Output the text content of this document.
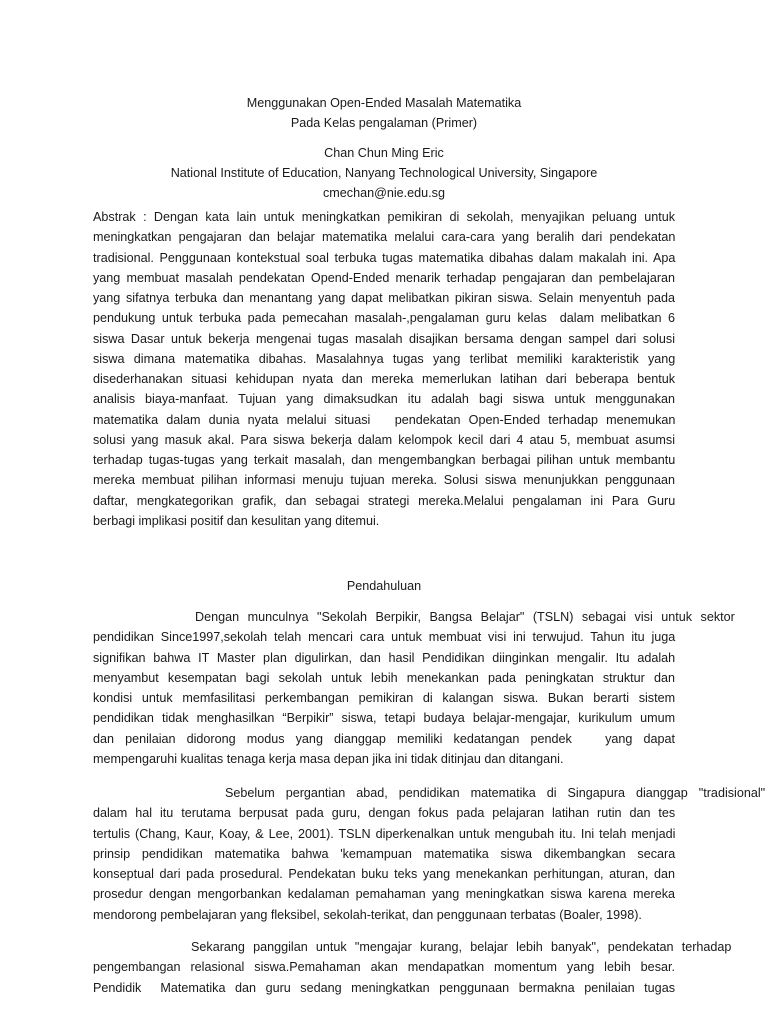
Menggunakan Open-Ended Masalah Matematika
Pada Kelas pengalaman (Primer)
Chan Chun Ming Eric
National Institute of Education, Nanyang Technological University, Singapore
cmechan@nie.edu.sg
Abstrak : Dengan kata lain untuk meningkatkan pemikiran di sekolah, menyajikan peluang untuk
meningkatkan pengajaran dan belajar matematika melalui cara-cara yang beralih dari pendekatan
tradisional. Penggunaan kontekstual soal terbuka tugas matematika dibahas dalam makalah ini. Apa
yang membuat masalah pendekatan Opend-Ended menarik terhadap pengajaran dan pembelajaran
yang sifatnya terbuka dan menantang yang dapat melibatkan pikiran siswa. Selain menyentuh pada
pendukung untuk terbuka pada pemecahan masalah-,pengalaman guru kelas  dalam melibatkan 6
siswa Dasar untuk bekerja mengenai tugas masalah disajikan bersama dengan sampel dari solusi
siswa dimana matematika dibahas. Masalahnya tugas yang terlibat memiliki karakteristik yang
disederhanakan situasi kehidupan nyata dan mereka memerlukan latihan dari beberapa bentuk
analisis biaya-manfaat. Tujuan yang dimaksudkan itu adalah bagi siswa untuk menggunakan
matematika dalam dunia nyata melalui situasi   pendekatan Open-Ended terhadap menemukan
solusi yang masuk akal. Para siswa bekerja dalam kelompok kecil dari 4 atau 5, membuat asumsi
terhadap tugas-tugas yang terkait masalah, dan mengembangkan berbagai pilihan untuk membantu
mereka membuat pilihan informasi menuju tujuan mereka. Solusi siswa menunjukkan penggunaan
daftar, mengkategorikan grafik, dan sebagai strategi mereka.Melalui pengalaman ini Para Guru
berbagi implikasi positif dan kesulitan yang ditemui.
Pendahuluan
Dengan munculnya "Sekolah Berpikir, Bangsa Belajar" (TSLN) sebagai visi untuk sektor
pendidikan Since1997,sekolah telah mencari cara untuk membuat visi ini terwujud. Tahun itu juga
signifikan bahwa IT Master plan digulirkan, dan hasil Pendidikan diinginkan mengalir. Itu adalah
menyambut kesempatan bagi sekolah untuk lebih menekankan pada peningkatan struktur dan
kondisi untuk memfasilitasi perkembangan pemikiran di kalangan siswa. Bukan berarti sistem
pendidikan tidak menghasilkan “Berpikir” siswa, tetapi budaya belajar-mengajar, kurikulum umum
dan penilaian didorong modus yang dianggap memiliki kedatangan pendek   yang dapat
mempengaruhi kualitas tenaga kerja masa depan jika ini tidak ditinjau dan ditangani.
Sebelum pergantian abad, pendidikan matematika di Singapura dianggap "tradisional"
dalam hal itu terutama berpusat pada guru, dengan fokus pada pelajaran latihan rutin dan tes
tertulis (Chang, Kaur, Koay, & Lee, 2001). TSLN diperkenalkan untuk mengubah itu. Ini telah menjadi
prinsip pendidikan matematika bahwa 'kemampuan matematika siswa dikembangkan secara
konseptual dari pada prosedural. Pendekatan buku teks yang menekankan perhitungan, aturan, dan
prosedur dengan mengorbankan kedalaman pemahaman yang meningkatkan siswa karena mereka
mendorong pembelajaran yang fleksibel, sekolah-terikat, dan penggunaan terbatas (Boaler, 1998).
Sekarang panggilan untuk "mengajar kurang, belajar lebih banyak", pendekatan terhadap
pengembangan relasional siswa.Pemahaman akan mendapatkan momentum yang lebih besar.
Pendidik  Matematika dan guru sedang meningkatkan penggunaan bermakna penilaian tugas
